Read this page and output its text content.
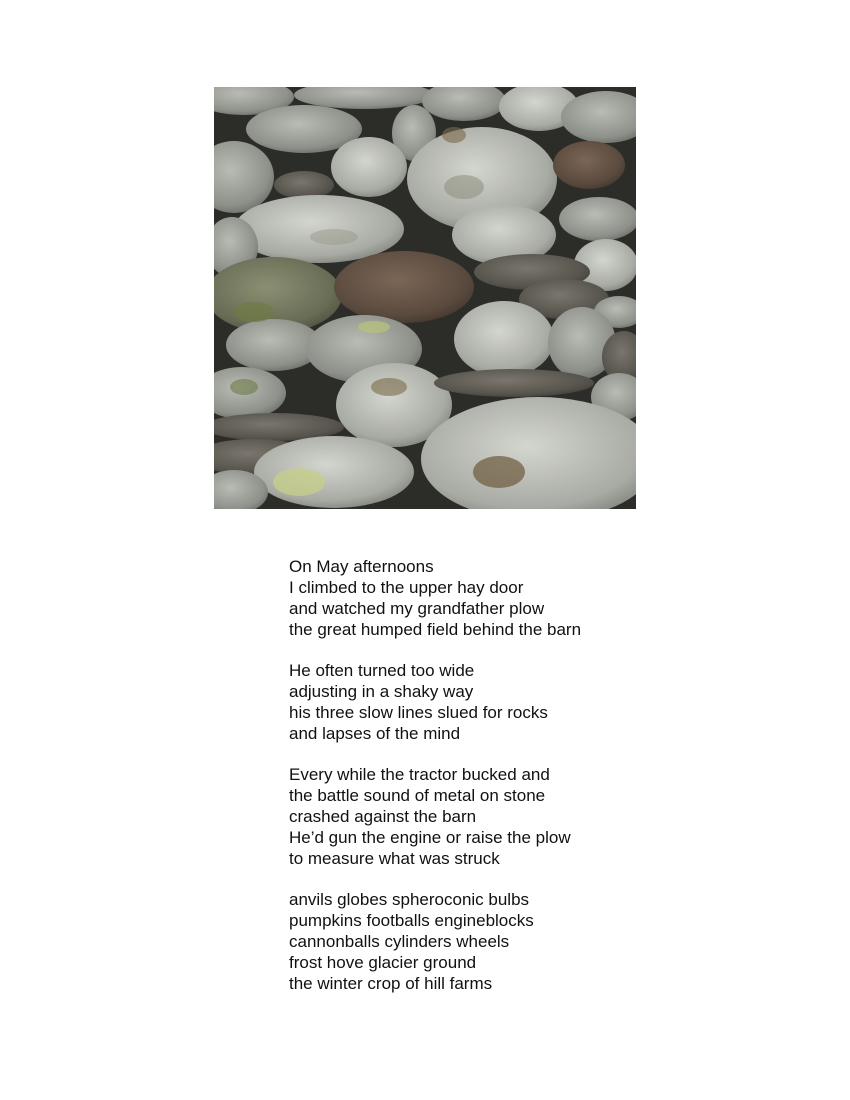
On May afternoons
I climbed to the upper hay door
and watched my grandfather plow
the great humped field behind the barn
He often turned too wide
adjusting in a shaky way
his three slow lines slued for rocks
and lapses of the mind
Every while the tractor bucked and
the battle sound of metal on stone
crashed against the barn
He’d gun the engine or raise the plow
to measure what was struck
anvils globes spheroconic bulbs
pumpkins footballs engineblocks
cannonballs cylinders wheels
frost hove glacier ground
the winter crop of hill farms
